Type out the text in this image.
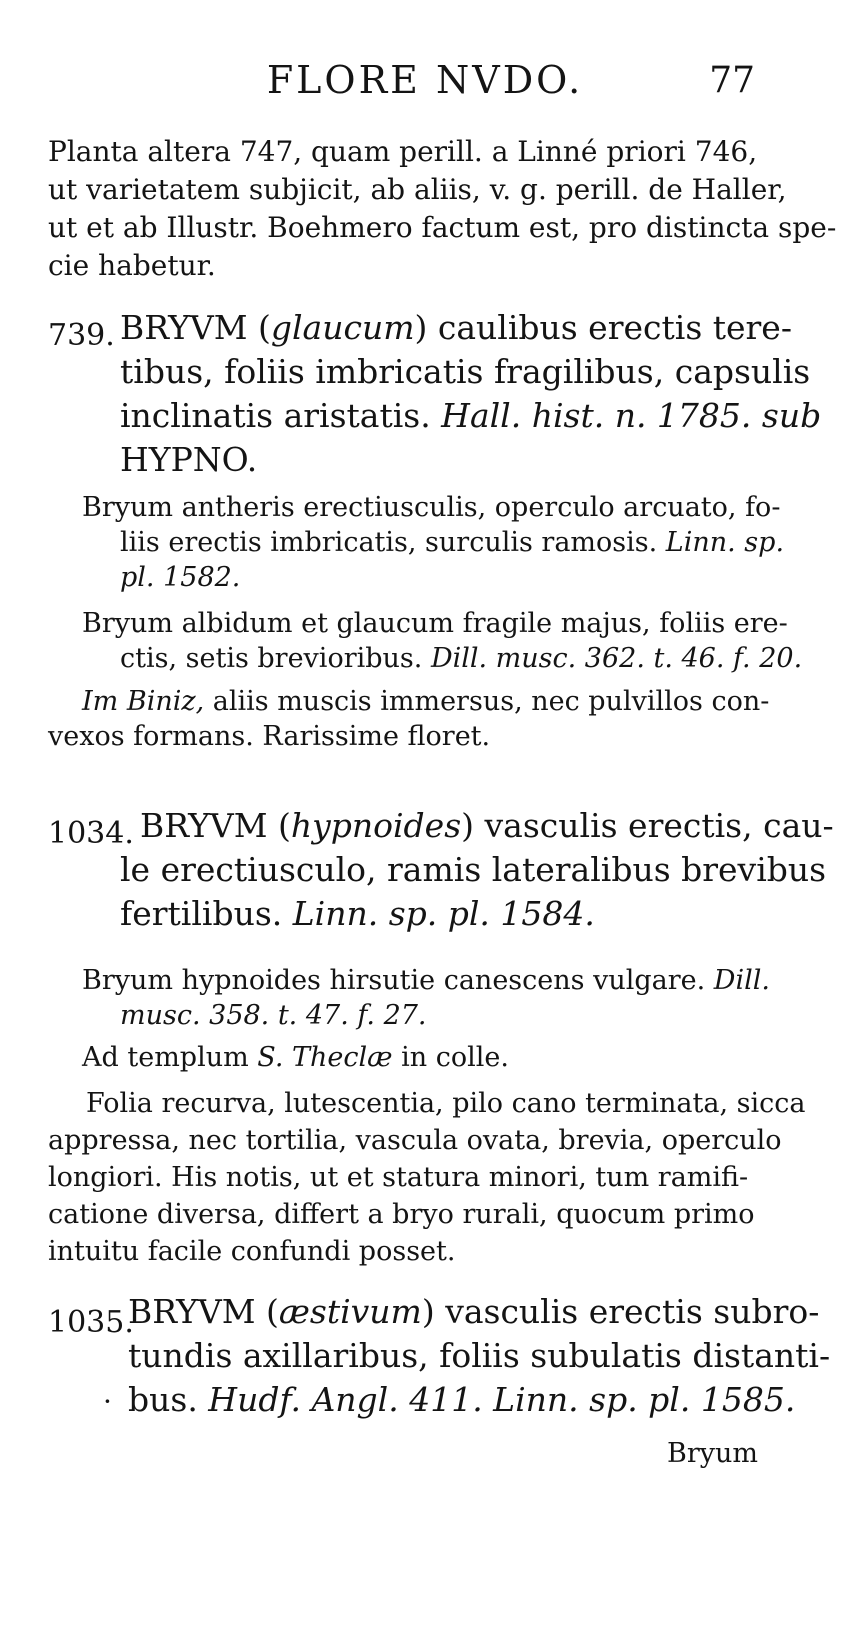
FLORE NVDO.	77
Planta altera 747, quam perill. a Linné priori 746,
ut varietatem subjicit, ab aliis, v. g. perill. de Haller,
ut et ab Illustr. Boehmero factum est, pro distincta spe-
cie habetur.
739. BRYVM (glaucum) caulibus erectis tere-
tibus, foliis imbricatis fragilibus, capsulis
inclinatis aristatis. Hall. hist. n. 1785. sub
HYPNO.
Bryum antheris erectiusculis, operculo arcuato, fo-
liis erectis imbricatis, surculis ramosis. Linn. sp.
pl. 1582.
Bryum albidum et glaucum fragile majus, foliis ere-
ctis, setis brevioribus. Dill. musc. 362. t. 46. f. 20.
Im Biniz, aliis muscis immersus, nec pulvillos con-
vexos formans. Rarissime floret.
1034. BRYVM (hypnoides) vasculis erectis, cau-
le erectiusculo, ramis lateralibus brevibus
fertilibus. Linn. sp. pl. 1584.
Bryum hypnoides hirsutie canescens vulgare. Dill.
musc. 358. t. 47. f. 27.
Ad templum S. Theclæ in colle.
Folia recurva, lutescentia, pilo cano terminata, sicca
appressa, nec tortilia, vascula ovata, brevia, operculo
longiori. His notis, ut et statura minori, tum ramifi-
catione diversa, differt a bryo rurali, quocum primo
intuitu facile confundi posset.
1035.
BRYVM (æstivum) vasculis erectis subro-
tundis axillaribus, foliis subulatis distanti-
bus. Hudf. Angl. 411. Linn. sp. pl. 1585.
·
Bryum
